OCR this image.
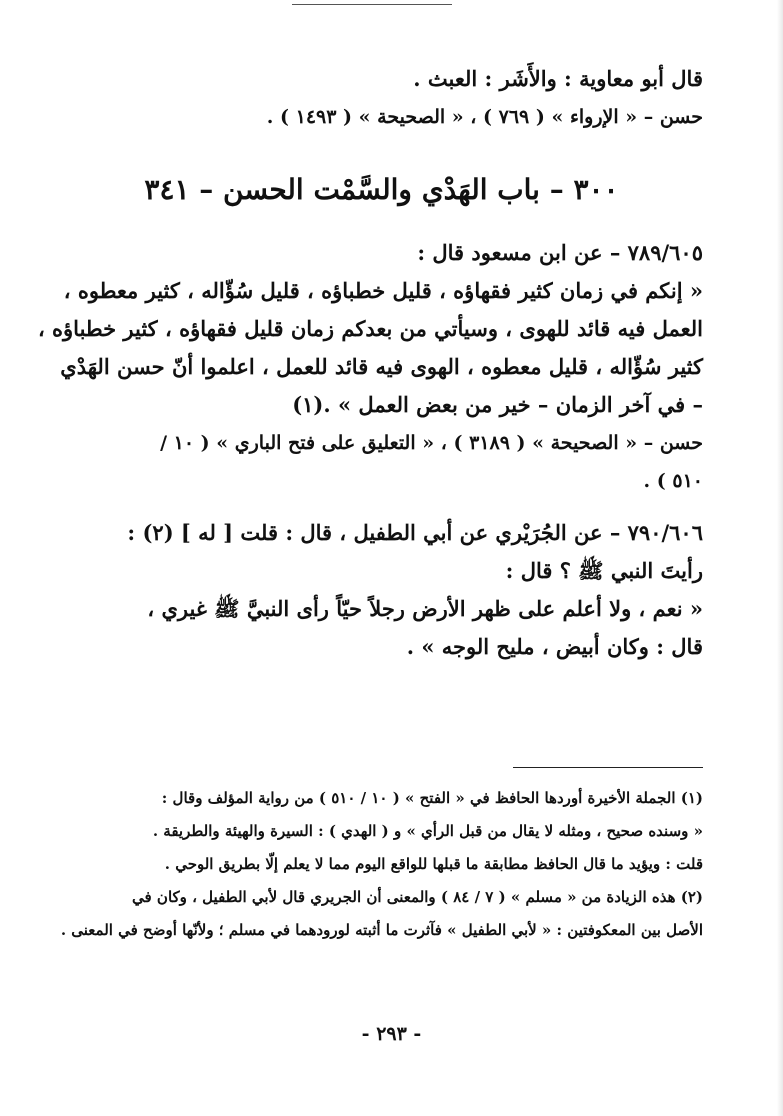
قال أبو معاوية : والأَشَر : العبث .
حسن – « الإرواء » ( ٧٦٩ ) ، « الصحيحة » ( ١٤٩٣ ) .
٣٠٠ – باب الهَدْي والسَّمْت الحسن – ٣٤١
٧٨٩/٦٠٥ – عن ابن مسعود قال :
« إنكم في زمان كثير فقهاؤه ، قليل خطباؤه ، قليل سُؤّاله ، كثير معطوه ،
العمل فيه قائد للهوى ، وسيأتي من بعدكم زمان قليل فقهاؤه ، كثير خطباؤه ،
كثير سُؤّاله ، قليل معطوه ، الهوى فيه قائد للعمل ، اعلموا أنّ حسن الهَدْي
– في آخر الزمان – خير من بعض العمل » .(١)
حسن – « الصحيحة » ( ٣١٨٩ ) ، « التعليق على فتح الباري » ( ١٠ /
٥١٠ ) .
٧٩٠/٦٠٦ – عن الجُرَيْري عن أبي الطفيل ، قال : قلت [ له ] (٢) :
رأيتَ النبي ﷺ ؟ قال :
« نعم ، ولا أعلم على ظهر الأرض رجلاً حيّاً رأى النبيَّ ﷺ غيري ،
قال : وكان أبيض ، مليح الوجه » .
(١) الجملة الأخيرة أوردها الحافظ في « الفتح » ( ١٠ / ٥١٠ ) من رواية المؤلف وقال :
« وسنده صحيح ، ومثله لا يقال من قبل الرأي » و ( الهدي ) : السيرة والهيئة والطريقة .
قلت : ويؤيد ما قال الحافظ مطابقة ما قبلها للواقع اليوم مما لا يعلم إلّا بطريق الوحي .
(٢) هذه الزيادة من « مسلم » ( ٧ / ٨٤ ) والمعنى أن الجريري قال لأبي الطفيل ، وكان في
الأصل بين المعكوفتين : « لأبي الطفيل » فآثرت ما أثبته لورودهما في مسلم ؛ ولأنّها أوضح في المعنى .
- ٢٩٣ -
